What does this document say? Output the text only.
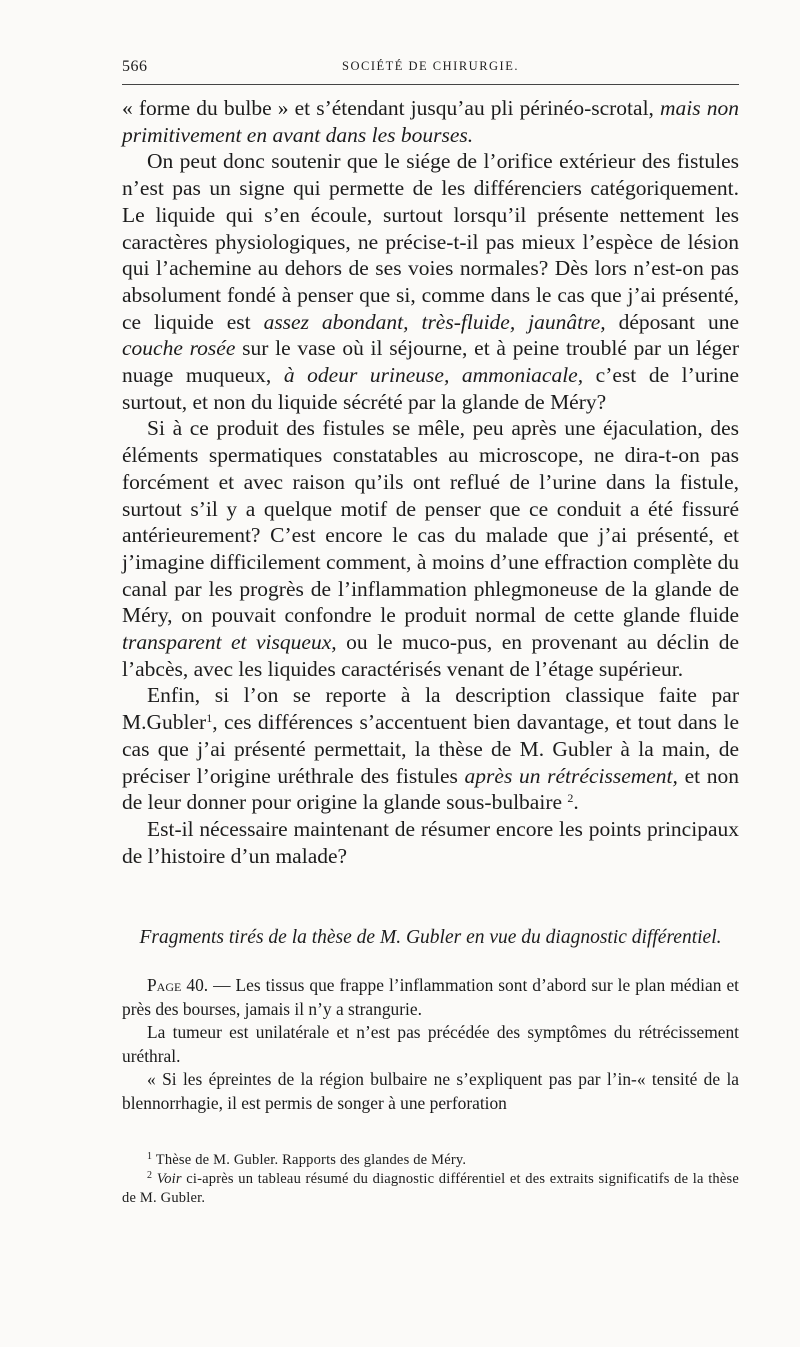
566	SOCIÉTÉ DE CHIRURGIE.

« forme du bulbe » et s’étendant jusqu’au pli périnéo-scrotal, mais non primitivement en avant dans les bourses.

On peut donc soutenir que le siége de l’orifice extérieur des fistules n’est pas un signe qui permette de les différenciers catégoriquement. Le liquide qui s’en écoule, surtout lorsqu’il présente nettement les caractères physiologiques, ne précise-t-il pas mieux l’espèce de lésion qui l’achemine au dehors de ses voies normales? Dès lors n’est-on pas absolument fondé à penser que si, comme dans le cas que j’ai présenté, ce liquide est assez abondant, très-fluide, jaunâtre, déposant une couche rosée sur le vase où il séjourne, et à peine troublé par un léger nuage muqueux, à odeur urineuse, ammoniacale, c’est de l’urine surtout, et non du liquide sécrété par la glande de Méry?

Si à ce produit des fistules se mêle, peu après une éjaculation, des éléments spermatiques constatables au microscope, ne dira-t-on pas forcément et avec raison qu’ils ont reflué de l’urine dans la fistule, surtout s’il y a quelque motif de penser que ce conduit a été fissuré antérieurement? C’est encore le cas du malade que j’ai présenté, et j’imagine difficilement comment, à moins d’une effraction complète du canal par les progrès de l’inflammation phlegmoneuse de la glande de Méry, on pouvait confondre le produit normal de cette glande fluide transparent et visqueux, ou le muco-pus, en provenant au déclin de l’abcès, avec les liquides caractérisés venant de l’étage supérieur.

Enfin, si l’on se reporte à la description classique faite par M.Gubler$^1$, ces différences s’accentuent bien davantage, et tout dans le cas que j’ai présenté permettait, la thèse de M. Gubler à la main, de préciser l’origine uréthrale des fistules après un rétrécissement, et non de leur donner pour origine la glande sous-bulbaire $^2$.

Est-il nécessaire maintenant de résumer encore les points principaux de l’histoire d’un malade?

Fragments tirés de la thèse de M. Gubler en vue du diagnostic différentiel.

Page 40. — Les tissus que frappe l’inflammation sont d’abord sur le plan médian et près des bourses, jamais il n’y a strangurie.

La tumeur est unilatérale et n’est pas précédée des symptômes du rétrécissement uréthral.

« Si les épreintes de la région bulbaire ne s’expliquent pas par l’in-« tensité de la blennorrhagie, il est permis de songer à une perforation

$^1$ Thèse de M. Gubler. Rapports des glandes de Méry.

$^2$ Voir ci-après un tableau résumé du diagnostic différentiel et des extraits significatifs de la thèse de M. Gubler.
